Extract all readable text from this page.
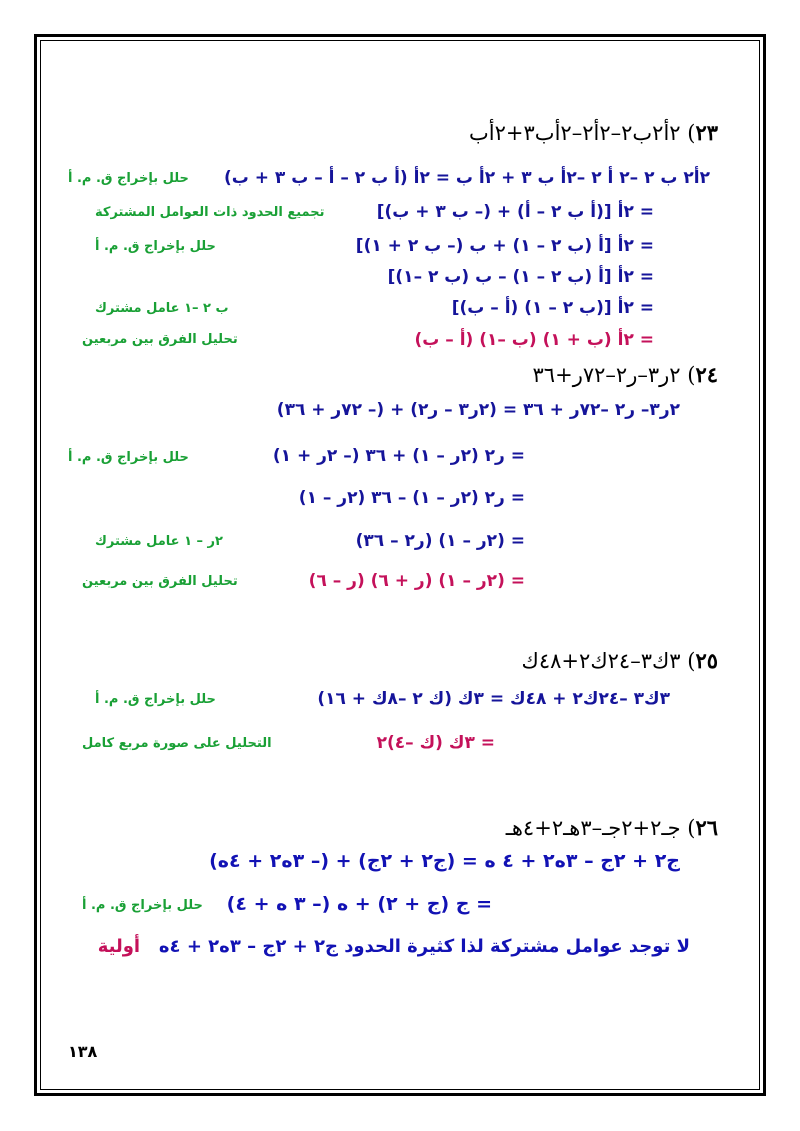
٢٣) ٢أ٢ب٢–٢أ٢–٢أب٣+٢أب
٢أ٢ ب ٢ –٢ أ ٢ –٢أ ب ٣ + ٢أ ب = ٢أ (أ ب ٢ – أ – ب ٣ + ب)
حلل بإخراج ق. م. أ
= ٢أ [(أ ب ٢ – أ) + (– ب ٣ + ب)]
تجميع الحدود ذات العوامل المشتركة
= ٢أ [أ (ب ٢ – ١) + ب (– ب ٢ + ١)]
حلل بإخراج ق. م. أ
= ٢أ [أ (ب ٢ – ١) – ب (ب ٢ –١)]
= ٢أ [(ب ٢ – ١) (أ – ب)]
ب ٢ –١ عامل مشترك
= ٢أ (ب + ١) (ب –١) (أ – ب)
تحليل الفرق بين مربعين
٢٤) ٢ر٣–ر٢–٧٢ر+٣٦
٢ر٣– ر٢ –٧٢ر + ٣٦ = (٢ر٣ – ر٢) + (– ٧٢ر + ٣٦)
= ر٢ (٢ر – ١) + ٣٦ (– ٢ر + ١)
حلل بإخراج ق. م. أ
= ر٢ (٢ر – ١) – ٣٦ (٢ر – ١)
= (٢ر – ١) (ر٢ – ٣٦)
٢ر – ١ عامل مشترك
= (٢ر – ١) (ر + ٦) (ر – ٦)
تحليل الفرق بين مربعين
٢٥) ٣ك٣–٢٤ك٢+٤٨ك
٣ك٣ –٢٤ك٢ + ٤٨ك = ٣ك (ك ٢ –٨ك + ١٦)
حلل بإخراج ق. م. أ
= ٣ك (ك –٤)٢
التحليل على صورة مربع كامل
٢٦) جـ٢+٢جـ–٣هـ٢+٤هـ
ج٢ + ٢ج – ٣ه٢ + ٤ ه = (ج٢ + ٢ج) + (– ٣ه٢ + ٤ه)
= ج (ج + ٢) + ه (– ٣ ه + ٤)
حلل بإخراج ق. م. أ
لا توجد عوامل مشتركة لذا كثيرة الحدود ج٢ + ٢ج – ٣ه٢ + ٤ه   أولية
١٣٨
